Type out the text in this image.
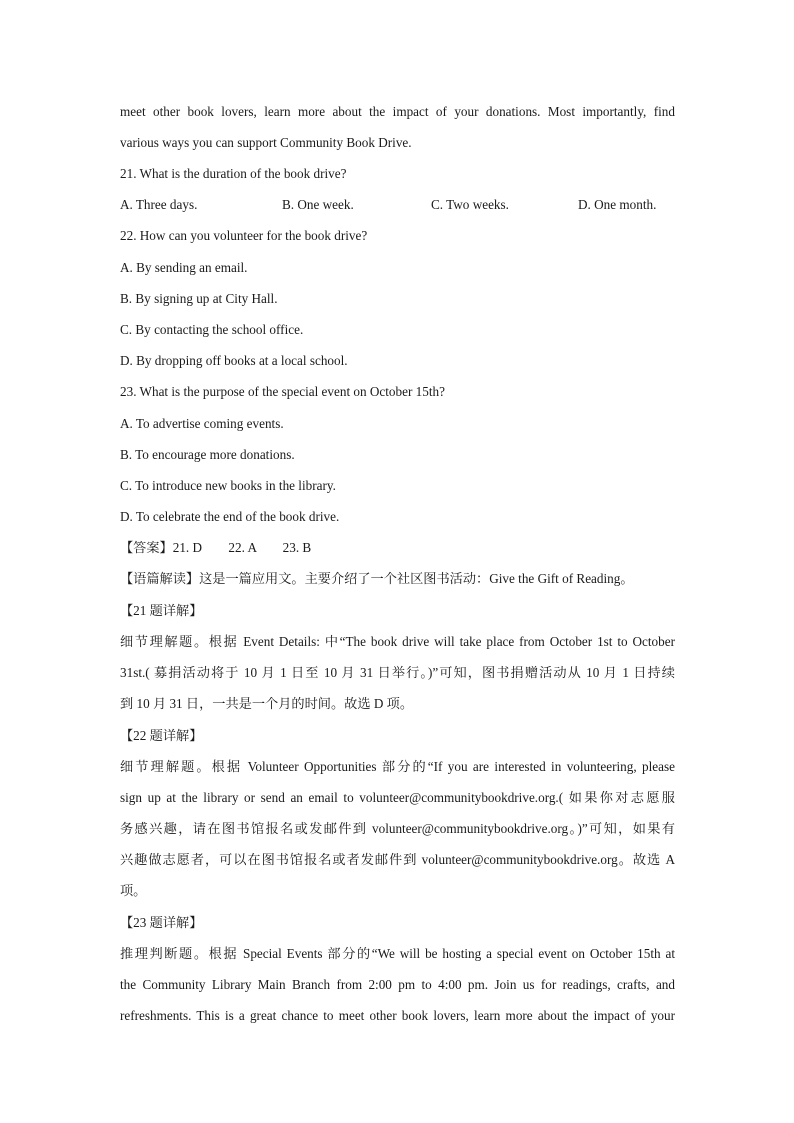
meet other book lovers, learn more about the impact of your donations. Most importantly, find
various ways you can support Community Book Drive.
21. What is the duration of the book drive?
A. Three days.	B. One week.	C. Two weeks.	D. One month.
22. How can you volunteer for the book drive?
A. By sending an email.
B. By signing up at City Hall.
C. By contacting the school office.
D. By dropping off books at a local school.
23. What is the purpose of the special event on October 15th?
A. To advertise coming events.
B. To encourage more donations.
C. To introduce new books in the library.
D. To celebrate the end of the book drive.
【答案】21. D        22. A        23. B
【语篇解读】这是一篇应用文。主要介绍了一个社区图书活动：Give the Gift of Reading。
【21 题详解】
细节理解题。根据 Event Details: 中“The book drive will take place from October 1st to October
31st.( 募捐活动将于 10 月 1 日至 10 月 31 日举行。)”可知，图书捐赠活动从 10 月 1 日持续
到 10 月 31 日，一共是一个月的时间。故选 D 项。
【22 题详解】
细节理解题。根据 Volunteer Opportunities 部分的“If you are interested in volunteering, please
sign up at the library or send an email to volunteer@communitybookdrive.org.( 如果你对志愿服
务感兴趣，请在图书馆报名或发邮件到 volunteer@communitybookdrive.org。)”可知，如果有
兴趣做志愿者，可以在图书馆报名或者发邮件到 volunteer@communitybookdrive.org。故选 A
项。
【23 题详解】
推理判断题。根据 Special Events 部分的“We will be hosting a special event on October 15th at
the Community Library Main Branch from 2:00 pm to 4:00 pm. Join us for readings, crafts, and
refreshments. This is a great chance to meet other book lovers, learn more about the impact of your
